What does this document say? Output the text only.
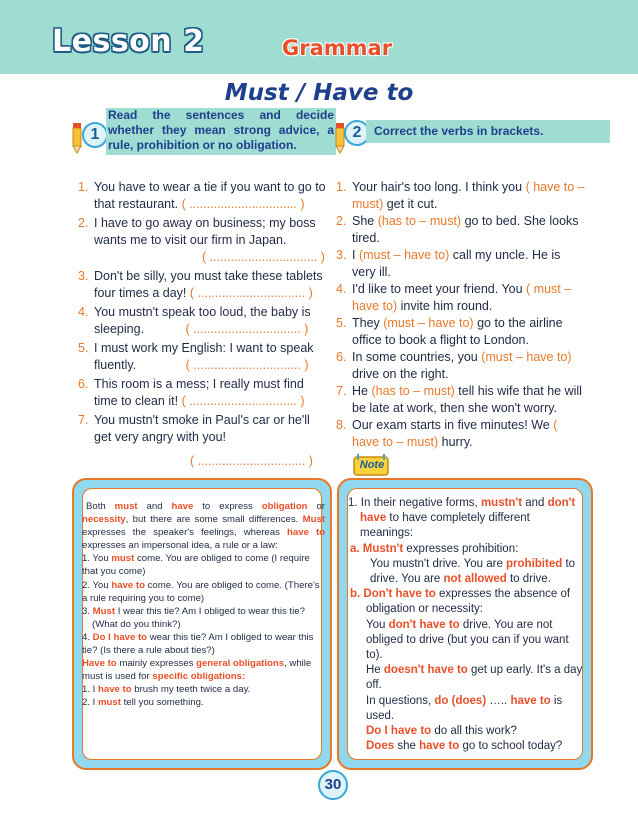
Lesson 2	Grammar
Must / Have to
1
Read the sentences and decide whether they mean strong advice, a rule, prohibition or no obligation.
2	Correct the verbs in brackets.
1. You have to wear a tie if you want to go to that restaurant. ( ............................... )
2. I have to go away on business; my boss wants me to visit our firm in Japan.
( ............................... )
3. Don't be silly, you must take these tablets four times a day! ( ............................... )
4. You mustn't speak too loud, the baby is sleeping.	( ............................... )
5. I must work my English: I want to speak fluently.	( ............................... )
6. This room is a mess; I really must find time to clean it! ( ............................... )
7. You mustn't smoke in Paul's car or he'll get very angry with you!
( ............................... )
1. Your hair's too long. I think you ( have to – must) get it cut.
2. She (has to – must) go to bed. She looks tired.
3. I (must – have to) call my uncle. He is very ill.
4. I'd like to meet your friend. You ( must – have to) invite him round.
5. They (must – have to) go to the airline office to book a flight to London.
6. In some countries, you (must – have to) drive on the right.
7. He (has to – must) tell his wife that he will be late at work, then she won't worry.
8. Our exam starts in five minutes! We ( have to – must) hurry.
Note

Both must and have to express obligation or necessity, but there are some small differences. Must expresses the speaker's feelings, whereas have to expresses an impersonal idea, a rule or a law:

1. You must come. You are obliged to come (I require that you come)

2. You have to come. You are obliged to come. (There's a rule requiring you to come)

3. Must I wear this tie? Am I obliged to wear this tie?

(What do you think?)

4. Do I have to wear this tie? Am I obliged to wear this tie? (Is there a rule about ties?)

Have to mainly expresses general obligations, while must is used for specific obligations:

1. I have to brush my teeth twice a day.

2. I must tell you something.

1. In their negative forms, mustn't and don't have to have completely different meanings:

a. Mustn't expresses prohibition:

You mustn't drive. You are prohibited to drive. You are not allowed to drive.

b. Don't have to expresses the absence of obligation or necessity:

You don't have to drive. You are not obliged to drive (but you can if you want to).

He doesn't have to get up early. It's a day off.

In questions, do (does) ….. have to is used.

Do I have to do all this work?

Does she have to go to school today?

30
